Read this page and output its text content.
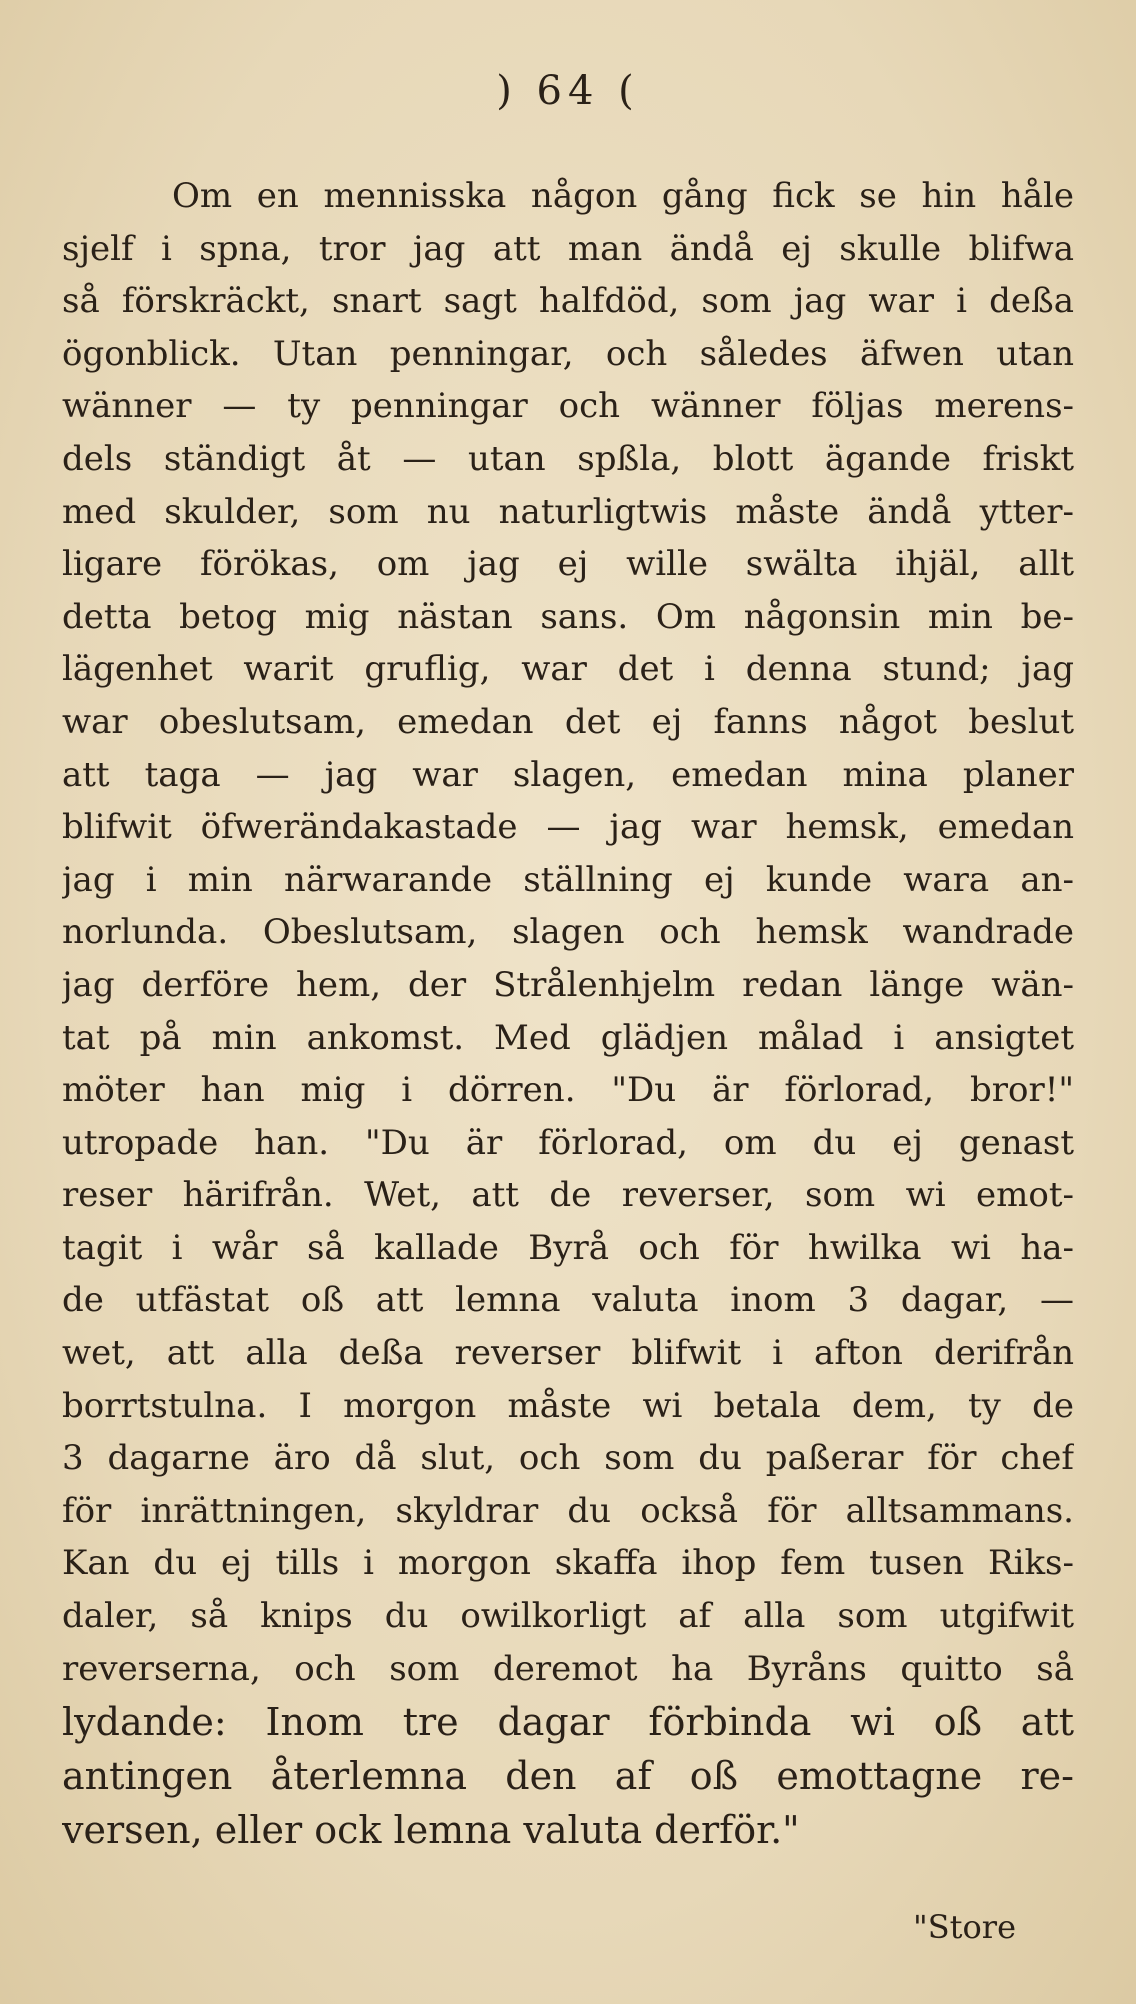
) 64 (
Om en mennisska någon gång fick se hin håle
sjelf i spna, tror jag att man ändå ej skulle blifwa
så förskräckt, snart sagt halfdöd, som jag war i deßa
ögonblick. Utan penningar, och således äfwen utan
wänner — ty penningar och wänner följas merens-
dels ständigt åt — utan spßla, blott ägande friskt
med skulder, som nu naturligtwis måste ändå ytter-
ligare förökas, om jag ej wille swälta ihjäl, allt
detta betog mig nästan sans. Om någonsin min be-
lägenhet warit gruflig, war det i denna stund; jag
war obeslutsam, emedan det ej fanns något beslut
att taga — jag war slagen, emedan mina planer
blifwit öfwerändakastade — jag war hemsk, emedan
jag i min närwarande ställning ej kunde wara an-
norlunda. Obeslutsam, slagen och hemsk wandrade
jag derföre hem, der Strålenhjelm redan länge wän-
tat på min ankomst. Med glädjen målad i ansigtet
möter han mig i dörren. "Du är förlorad, bror!"
utropade han. "Du är förlorad, om du ej genast
reser härifrån. Wet, att de reverser, som wi emot-
tagit i wår så kallade Byrå och för hwilka wi ha-
de utfästat oß att lemna valuta inom 3 dagar, —
wet, att alla deßa reverser blifwit i afton derifrån
borrtstulna. I morgon måste wi betala dem, ty de
3 dagarne äro då slut, och som du paßerar för chef
för inrättningen, skyldrar du också för alltsammans.
Kan du ej tills i morgon skaffa ihop fem tusen Riks-
daler, så knips du owilkorligt af alla som utgifwit
reverserna, och som deremot ha Byråns quitto så
lydande: Inom tre dagar förbinda wi oß att
antingen återlemna den af oß emottagne re-
versen, eller ock lemna valuta derför."
"Store
